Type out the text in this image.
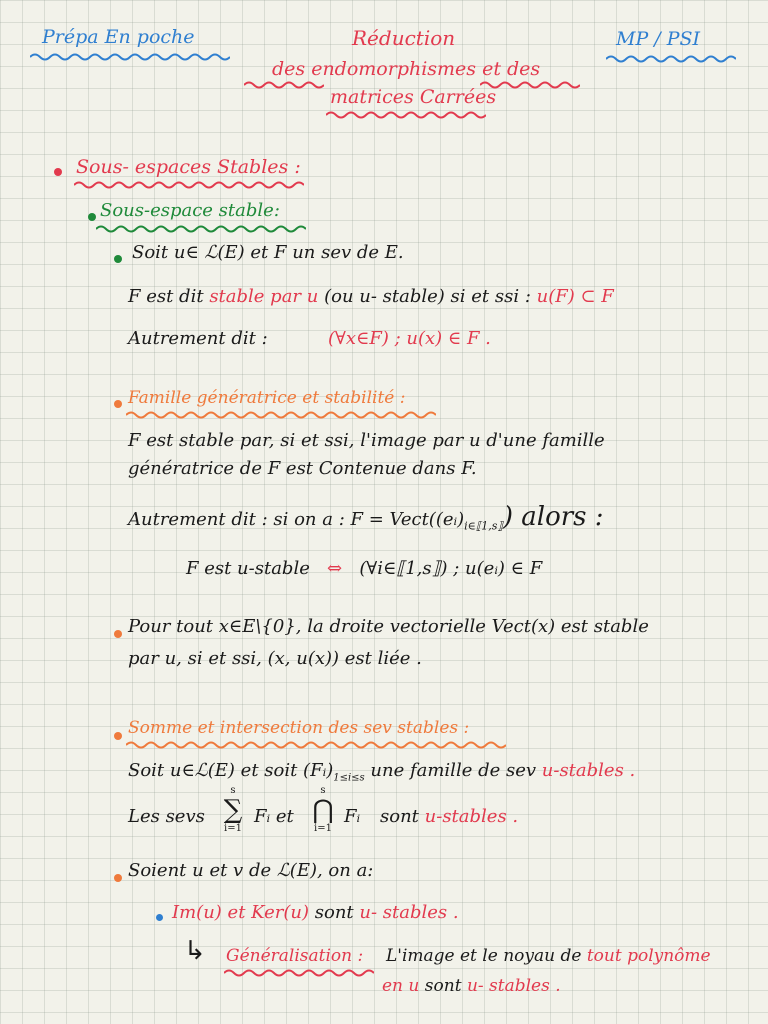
Prépa En poche	Réduction
des endomorphismes et des
matrices Carrées
MP / PSI
Sous- espaces Stables :
Sous-espace stable:
Soit u∈ ℒ(E) et F un sev de E.
F est dit stable par u (ou u- stable) si et ssi : u(F) ⊂ F
Autrement dit :	(∀x∈F) ; u(x) ∈ F .
Famille génératrice et stabilité :
F est stable par, si et ssi, l'image par u d'une famille
génératrice de F est Contenue dans F.
Autrement dit : si on a : $F = Vect((eᵢ)_{i\in⟦1,s⟧})$ alors :
F est u-stable ⇔ (∀i∈⟦1,s⟧) ; u(eᵢ) ∈ F
Pour tout x∈E\{0}, la droite vectorielle Vect(x) est stable
par u, si et ssi, (x, u(x)) est liée .
Somme et intersection des sev stables :
Soit u∈ℒ(E) et soit $(Fᵢ)_{1\le i\le s}$ une famille de sev u-stables .
Les sevs
s
∑
i=1
Fᵢ et
s
⋂
i=1
Fᵢ sont u-stables .
Soient u et v de ℒ(E), on a:
Im(u) et Ker(u) sont u- stables .
↳ Généralisation : L'image et le noyau de tout polynôme
en u sont u- stables .
